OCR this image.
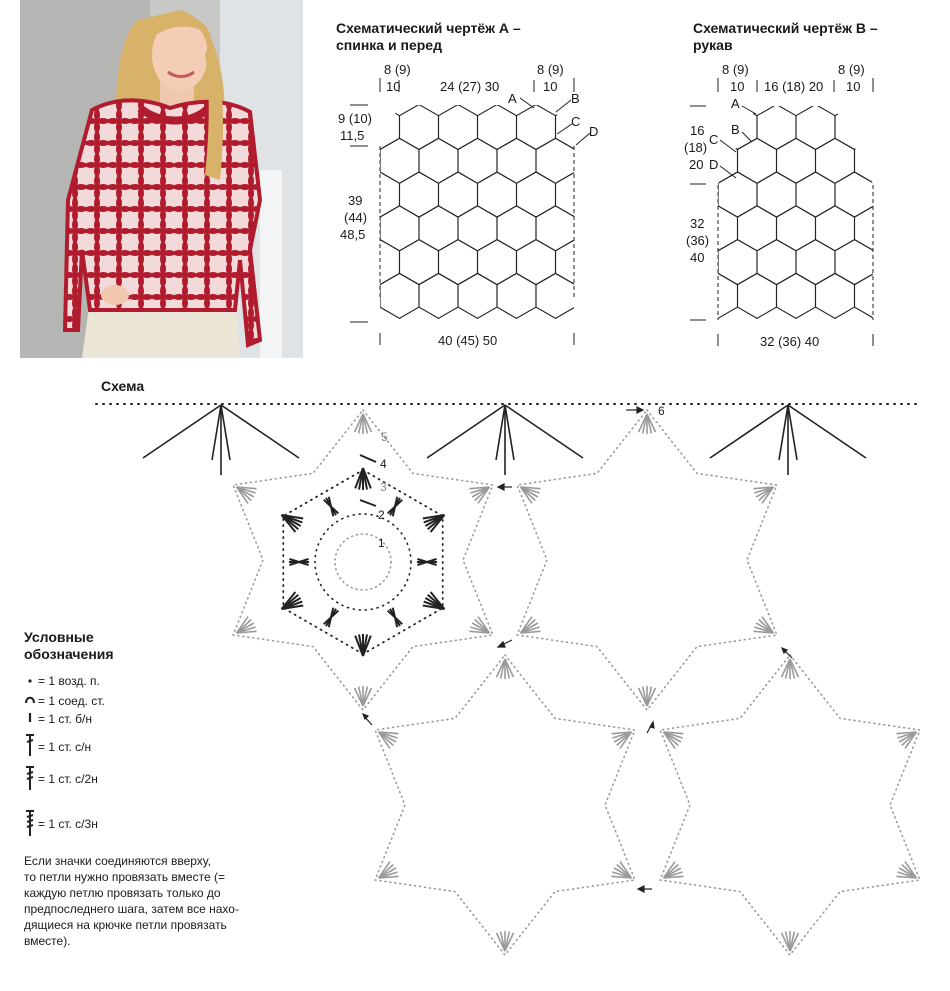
Схематический чертёж А –
спинка и перед
8 (9)
10	24 (27) 30
8 (9)
10
9 (10)
11,5
39
(44)
48,5
40 (45) 50
A	B
C
D
Схематический чертёж В –
рукав
8 (9)
10 16 (18) 20
8 (9)
10
16
(18)
20
32
(36)
40
32 (36) 40
A
B
C
D
Схема
1
2
3
4
5
6
Условные
обозначения
= 1 возд. п.
= 1 соед. ст.
= 1 ст. б/н
= 1 ст. с/н
= 1 ст. с/2н
= 1 ст. с/3н
Если значки соединяются вверху,
то петли нужно провязать вместе (=
каждую петлю провязать только до
предпоследнего шага, затем все нахо-
дящиеся на крючке петли провязать
вместе).
